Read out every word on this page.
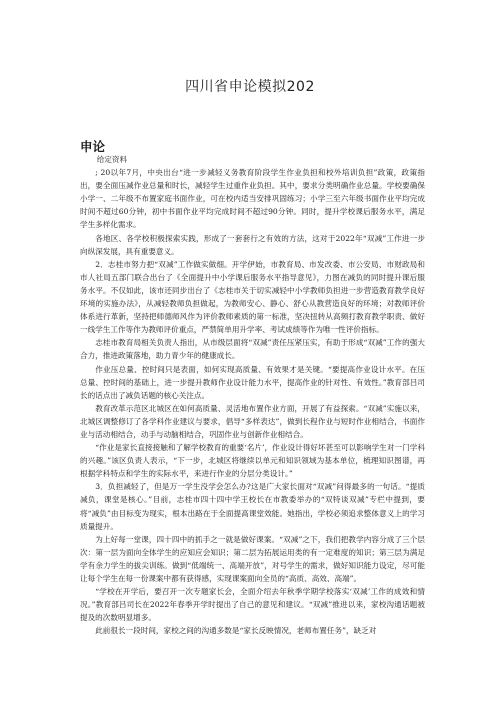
四川省申论模拟202
申论

给定资料

; 20以年7月，中央出台“进一步减轻义务教育阶段学生作业负担和校外培训负担”政策，政策指出，要全面压减作业总量和时长，减轻学生过重作业负担。其中，要求分类明确作业总量。学校要确保小学一、二年级不布置家庭书面作业，可在校内适当安排巩固练习；小学三至六年级书面作业平均完成时间不超过60分钟，初中书面作业平均完成时间不超过90分钟。同时，提升学校课后服务水平，满足学生多样化需求。

各地区、各学校积极探索实践，形成了一套套行之有效的方法，这对于2022年“双减”工作进一步向纵深发展，具有重要意义。

2．志桂市努力把“双减”工作做实做细。开学伊始，市教育局、市发改委、市公安局、市财政局和市人社局五部门联合出台了《全面提升中小学课后服务水平指导意见》，力图在减负的同时提升课后服务水平。不仅如此，该市还同步出台了《志桂市关于切实减轻中小学教师负担进一步营造教育教学良好环境的实施办法》，从减轻教师负担做起，为教师安心、静心、舒心从教营造良好的环境；对教师评价体系进行革新，坚持把师德师风作为评价教师素质的第一标准，坚决扭转从高频打教育教学职责、做好一线学生工作等作为教师评价重点，严禁简单用升学率、考试成绩等作为唯一性评价指标。

志桂市教育局相关负责人指出，从市级层面将“双减”责任压紧压实，有助于形成“双减”工作的强大合力，推进政策落地，助力青少年的健康成长。

作业压总量、控时间只是表面，如何实现高质量、有效果才是关键。“要提高作业设计水平。在压总量、控时间的基础上，进一步提升教师作业设计能力水平，提高作业的针对性、有效性。”教育部吕司长的话点出了减负话题的核心关注点。

教育改革示范区北城区在如何高质量、灵活地布置作业方面，开展了有益探索。“双减”实施以来，北城区调整修订了各学科作业建议与要求，倡导“多样表达”，做到长程作业与短时作业相结合，书面作业与活动相结合，动手与动脑相结合，巩固作业与创新作业相结合。

“作业是家长直接接触和了解学校教育的重要‘名片’，作业设计得好坏甚至可以影响学生对一门学科的兴趣。”该区负责人表示，“下一步，北城区将继续以单元和知识领域为基本单位，梳理知识图谱，再根据学科特点和学生的实际水平，来进行作业的分层分类设计。”

3．负担减轻了，但是万一学生没学会怎么办?这是广大家长面对“双减”问得最多的一句话。“提质减负，课堂是核心。”目前，志桂市四十四中学王校长在市教委举办的“双特谈双减”专栏中提到，要将“减负”由目标变为现实，根本出路在于全面提高课堂效能。她指出，学校必须追求整体意义上的学习质量提升。

为上好每一堂课，四十四中的抓手之一就是做好课案。“双减”之下，我们把教学内容分成了三个层次：第一层为面向全体学生的应知应会知识；第二层为拓展运用类的有一定难度的知识；第三层为满足学有余力学生的拔尖训练。做到“低端统一、高端开放”，对号学生的需求，做好知识能力设定，尽可能让每个学生在每一份课案中都有获得感，实现课案面向全员的“高质、高效、高端”。

“学校在开学后，要召开一次专题家长会，全面介绍去年秋季学期学校落实‘双减’工作的成效和情况。”教育部吕司长在2022年春季开学时提出了自己的意见和建议。“双减”推进以来，家校沟通话题被提及的次数明显增多。

此前很长一段时间，家校之间的沟通多数是“家长反映情况，老师布置任务”，缺乏对
